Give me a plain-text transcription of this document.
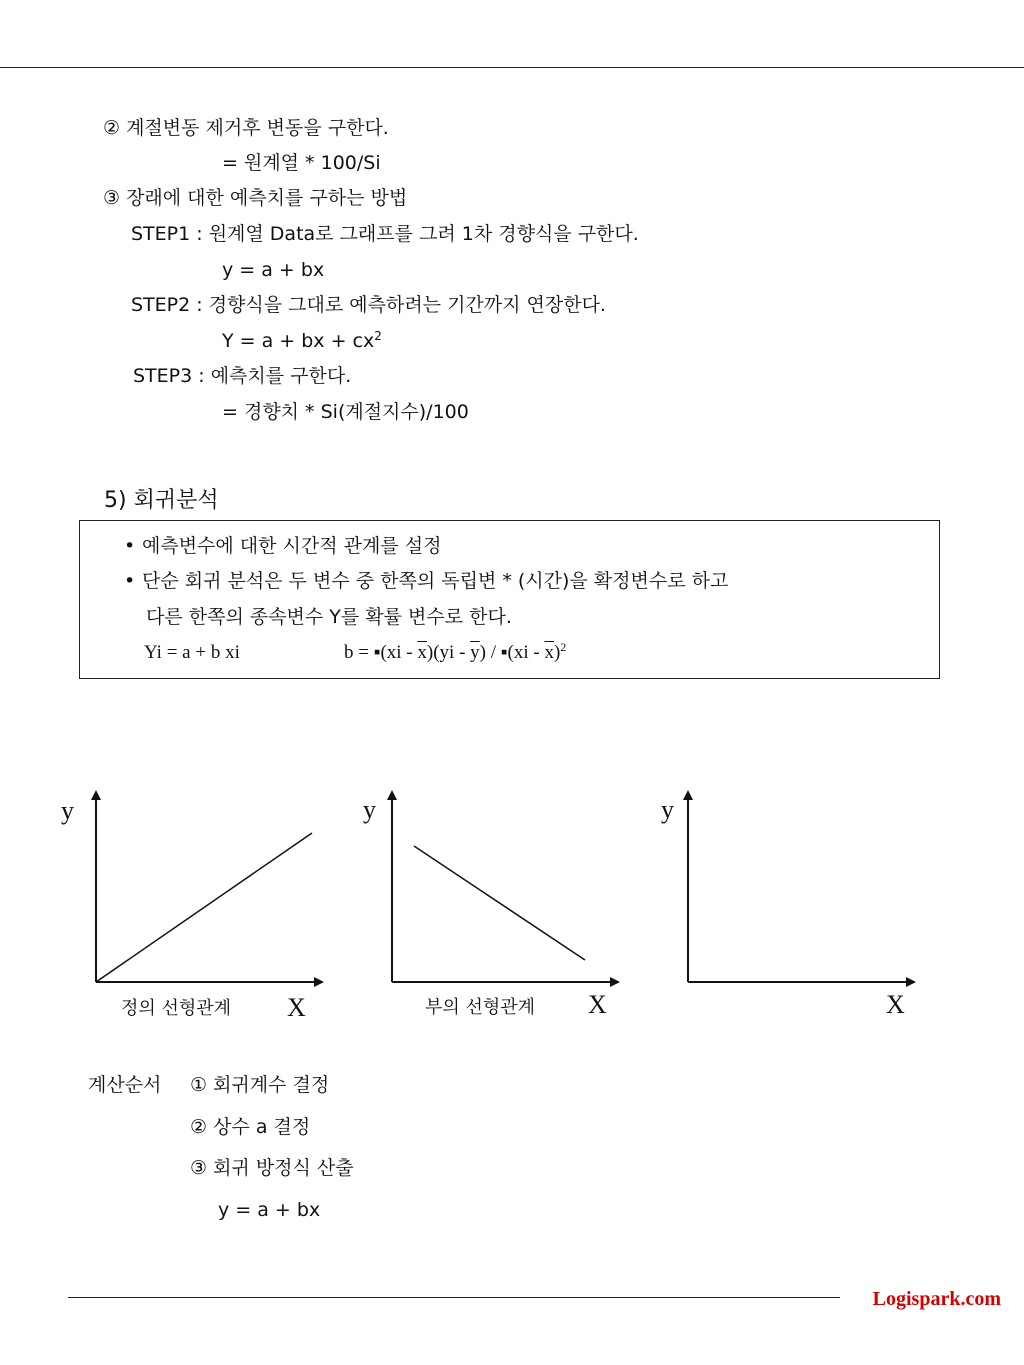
② 계절변동 제거후 변동을 구한다.
= 원계열 * 100/Si
③ 장래에 대한 예측치를 구하는 방법
STEP1 : 원계열 Data로 그래프를 그려 1차 경향식을 구한다.
y = a + bx
STEP2 : 경향식을 그대로 예측하려는 기간까지 연장한다.
Y = a + bx + $cx^2$
STEP3 : 예측치를 구한다.
= 경향치 * Si(계절지수)/100
5) 회귀분석
• 예측변수에 대한 시간적 관계를 설정
• 단순 회귀 분석은 두 변수 중 한쪽의 독립변 * (시간)을 확정변수로 하고
다른 한쪽의 종속변수 Y를 확률 변수로 한다.
Yi = a + b xi	b = ▪(xi - $\overline{x})(yi - \overline{y})$ / ▪(xi - $\overline{x})^2$
y
X
정의 선형관계
y
X
부의 선형관계
y
X
계산순서 ① 회귀계수 결정
② 상수 a 결정
③ 회귀 방정식 산출
y = a + bx
Logispark.com
